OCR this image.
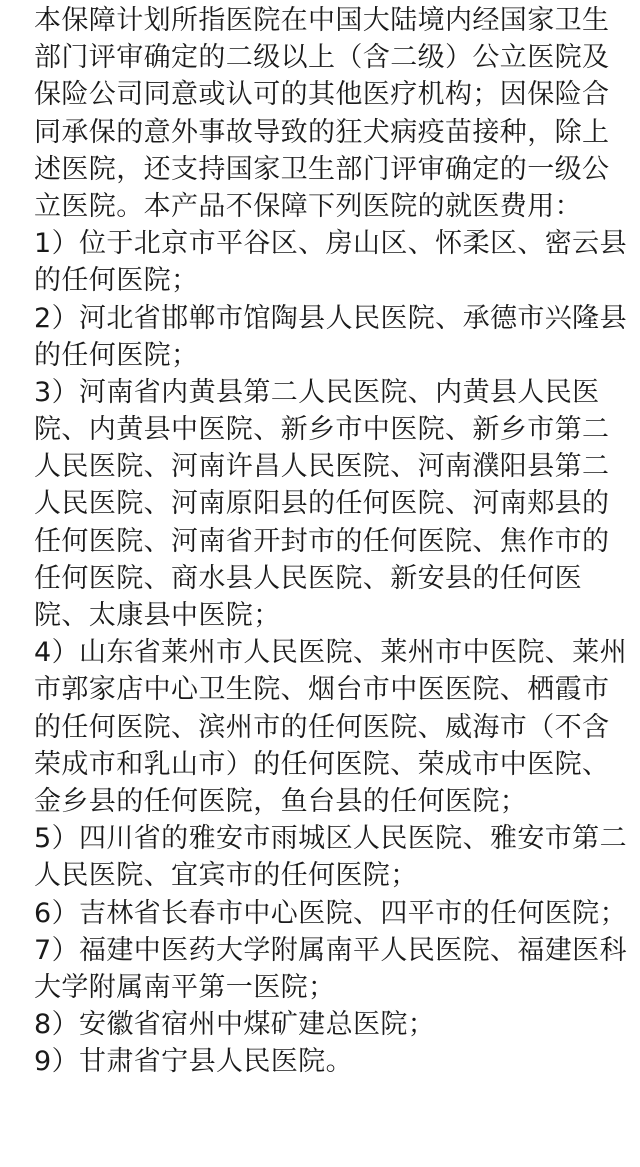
本保障计划所指医院在中国大陆境内经国家卫生
部门评审确定的二级以上（含二级）公立医院及
保险公司同意或认可的其他医疗机构；因保险合
同承保的意外事故导致的狂犬病疫苗接种，除上
述医院，还支持国家卫生部门评审确定的一级公
立医院。本产品不保障下列医院的就医费用：
1）位于北京市平谷区、房山区、怀柔区、密云县
的任何医院；
2）河北省邯郸市馆陶县人民医院、承德市兴隆县
的任何医院；
3）河南省内黄县第二人民医院、内黄县人民医
院、内黄县中医院、新乡市中医院、新乡市第二
人民医院、河南许昌人民医院、河南濮阳县第二
人民医院、河南原阳县的任何医院、河南郏县的
任何医院、河南省开封市的任何医院、焦作市的
任何医院、商水县人民医院、新安县的任何医
院、太康县中医院；
4）山东省莱州市人民医院、莱州市中医院、莱州
市郭家店中心卫生院、烟台市中医医院、栖霞市
的任何医院、滨州市的任何医院、威海市（不含
荣成市和乳山市）的任何医院、荣成市中医院、
金乡县的任何医院，鱼台县的任何医院；
5）四川省的雅安市雨城区人民医院、雅安市第二
人民医院、宜宾市的任何医院；
6）吉林省长春市中心医院、四平市的任何医院；
7）福建中医药大学附属南平人民医院、福建医科
大学附属南平第一医院；
8）安徽省宿州中煤矿建总医院；
9）甘肃省宁县人民医院。
